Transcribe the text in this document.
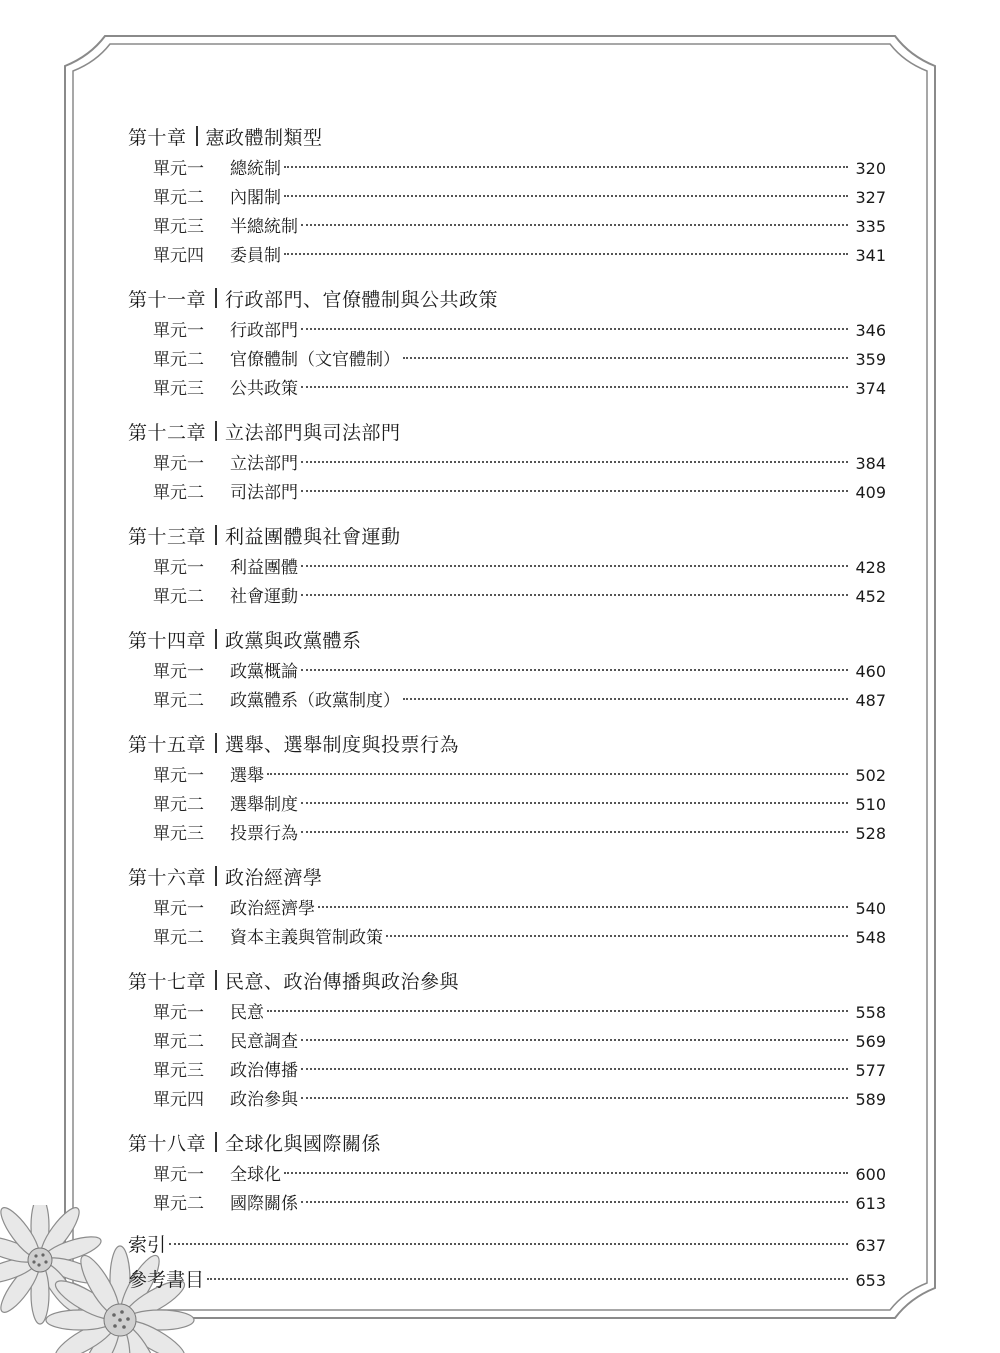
第十章 憲政體制類型
單元一	總統制	320
單元二	內閣制	327
單元三	半總統制	335
單元四	委員制	341
第十一章 行政部門、官僚體制與公共政策
單元一	行政部門	346
單元二	官僚體制（文官體制）	359
單元三	公共政策	374
第十二章 立法部門與司法部門
單元一	立法部門	384
單元二	司法部門	409
第十三章 利益團體與社會運動
單元一	利益團體	428
單元二	社會運動	452
第十四章 政黨與政黨體系
單元一	政黨概論	460
單元二	政黨體系（政黨制度）	487
第十五章 選舉、選舉制度與投票行為
單元一	選舉	502
單元二	選舉制度	510
單元三	投票行為	528
第十六章 政治經濟學
單元一	政治經濟學	540
單元二	資本主義與管制政策	548
第十七章 民意、政治傳播與政治參與
單元一	民意	558
單元二	民意調查	569
單元三	政治傳播	577
單元四	政治參與	589
第十八章 全球化與國際關係
單元一	全球化	600
單元二	國際關係	613
索引	637
參考書目	653
